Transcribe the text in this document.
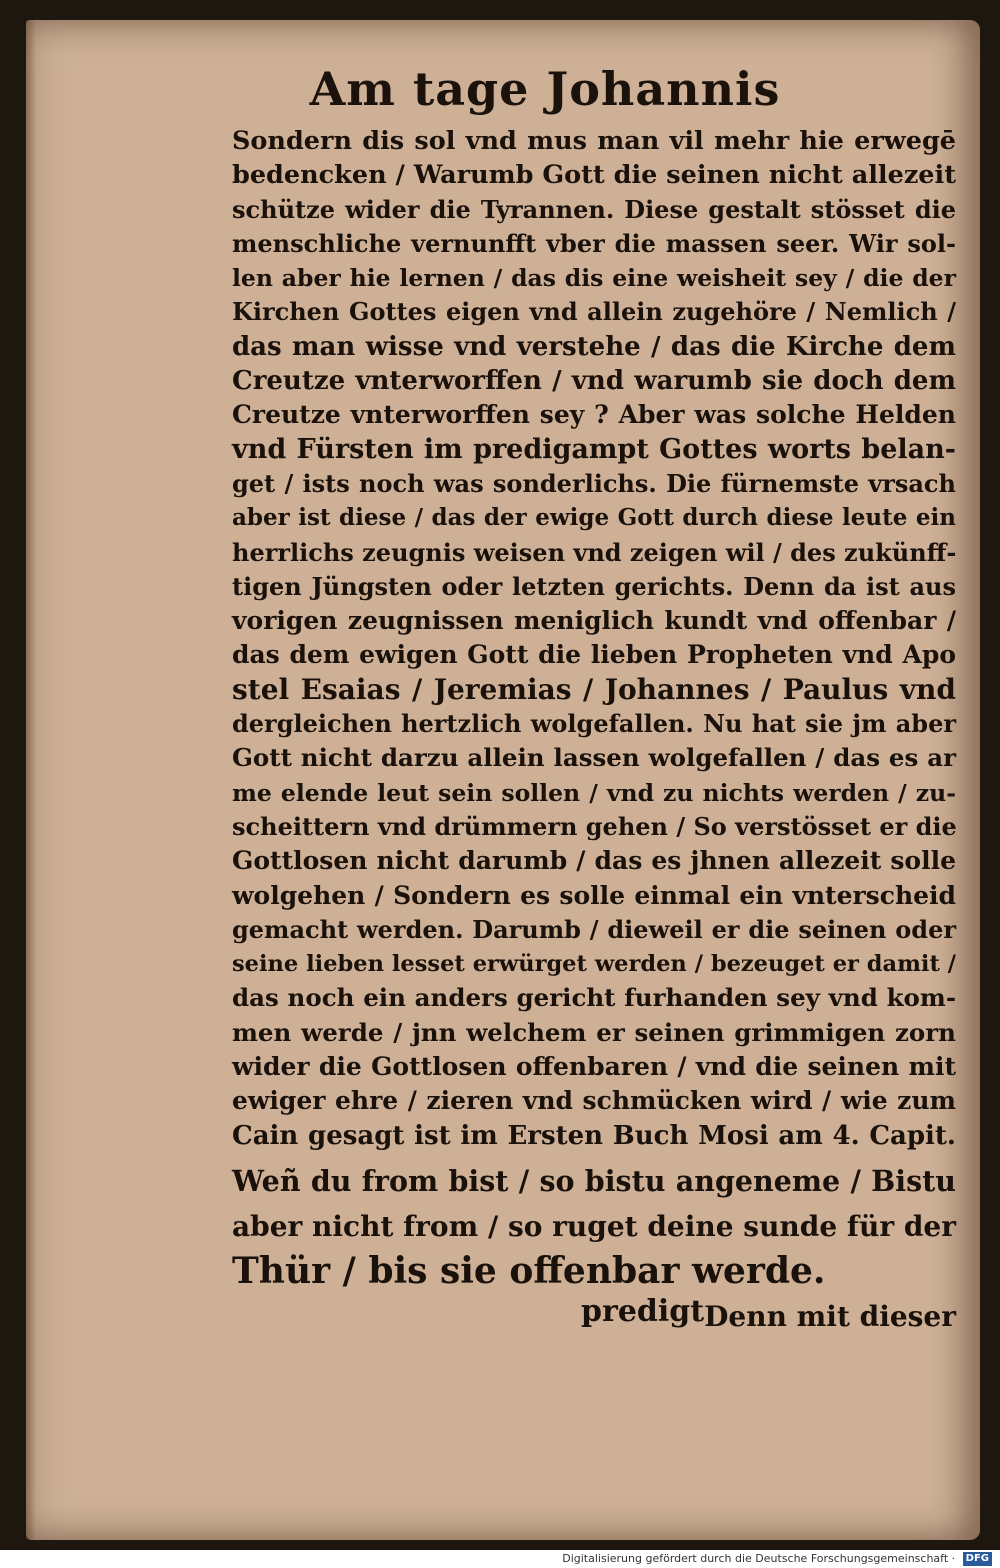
Am tage Johannis
Sondern dis sol vnd mus man vil mehr hie erwegē
bedencken / Warumb Gott die seinen nicht allezeit
schütze wider die Tyrannen. Diese gestalt stösset die
menschliche vernunfft vber die massen seer. Wir sol-
len aber hie lernen / das dis eine weisheit sey / die der
Kirchen Gottes eigen vnd allein zugehöre / Nemlich /
das man wisse vnd verstehe / das die Kirche dem
Creutze vnterworffen / vnd warumb sie doch dem
Creutze vnterworffen sey ? Aber was solche Helden
vnd Fürsten im predigampt Gottes worts belan-
get / ists noch was sonderlichs. Die fürnemste vrsach
aber ist diese / das der ewige Gott durch diese leute ein
herrlichs zeugnis weisen vnd zeigen wil / des zukünff-
tigen Jüngsten oder letzten gerichts. Denn da ist aus
vorigen zeugnissen meniglich kundt vnd offenbar /
das dem ewigen Gott die lieben Propheten vnd Apo
stel Esaias / Jeremias / Johannes / Paulus vnd
dergleichen hertzlich wolgefallen. Nu hat sie jm aber
Gott nicht darzu allein lassen wolgefallen / das es ar
me elende leut sein sollen / vnd zu nichts werden / zu-
scheittern vnd drümmern gehen / So verstösset er die
Gottlosen nicht darumb / das es jhnen allezeit solle
wolgehen / Sondern es solle einmal ein vnterscheid
gemacht werden. Darumb / dieweil er die seinen oder
seine lieben lesset erwürget werden / bezeuget er damit /
das noch ein anders gericht furhanden sey vnd kom-
men werde / jnn welchem er seinen grimmigen zorn
wider die Gottlosen offenbaren / vnd die seinen mit
ewiger ehre / zieren vnd schmücken wird / wie zum
Cain gesagt ist im Ersten Buch Mosi am 4. Capit.
Weñ du from bist / so bistu angeneme / Bistu
aber nicht from / so ruget deine sunde für der
Thür / bis sie offenbar werde.
Denn mit dieser
predigt
Digitalisierung gefördert durch die Deutsche Forschungsgemeinschaft · DFG
